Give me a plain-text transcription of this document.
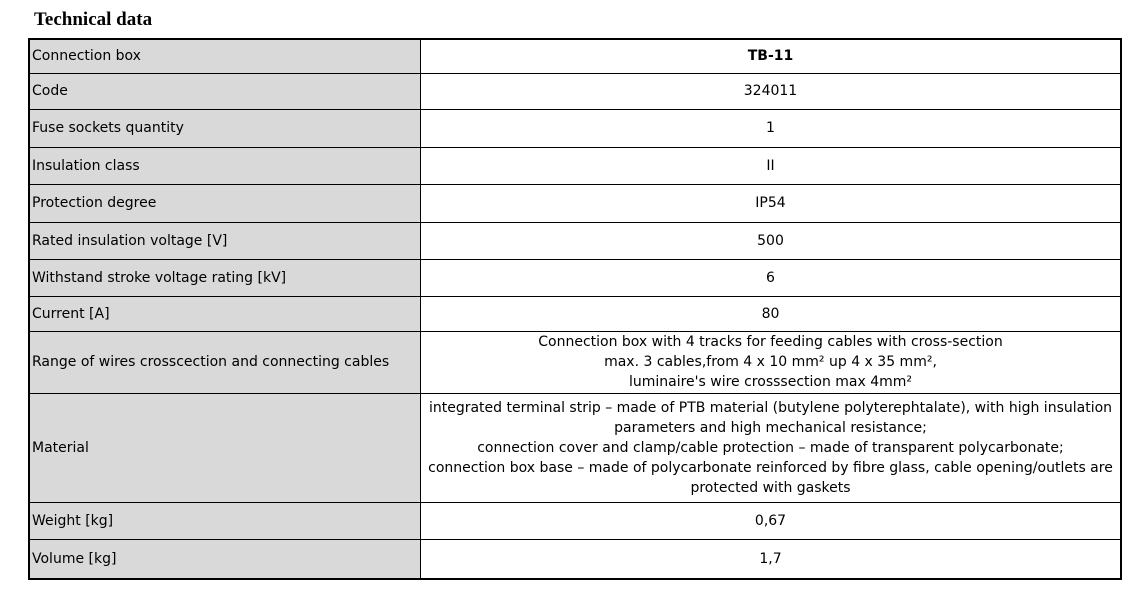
Technical data
Connection box	TB-11
Code	324011
Fuse sockets quantity	1
Insulation class	II
Protection degree	IP54
Rated insulation voltage [V]	500
Withstand stroke voltage rating [kV]	6
Current [A]	80
Range of wires crosscection and connecting cables	Connection box with 4 tracks for feeding cables with cross-section
max. 3 cables,from 4 x 10 mm² up 4 x 35 mm²,
luminaire's wire crosssection max 4mm²

Material	integrated terminal strip – made of PTB material (butylene polyterephtalate), with high insulation
parameters and high mechanical resistance;
connection cover and clamp/cable protection – made of transparent polycarbonate;
connection box base – made of polycarbonate reinforced by fibre glass, cable opening/outlets are
protected with gaskets

Weight [kg]	0,67
Volume [kg]	1,7
